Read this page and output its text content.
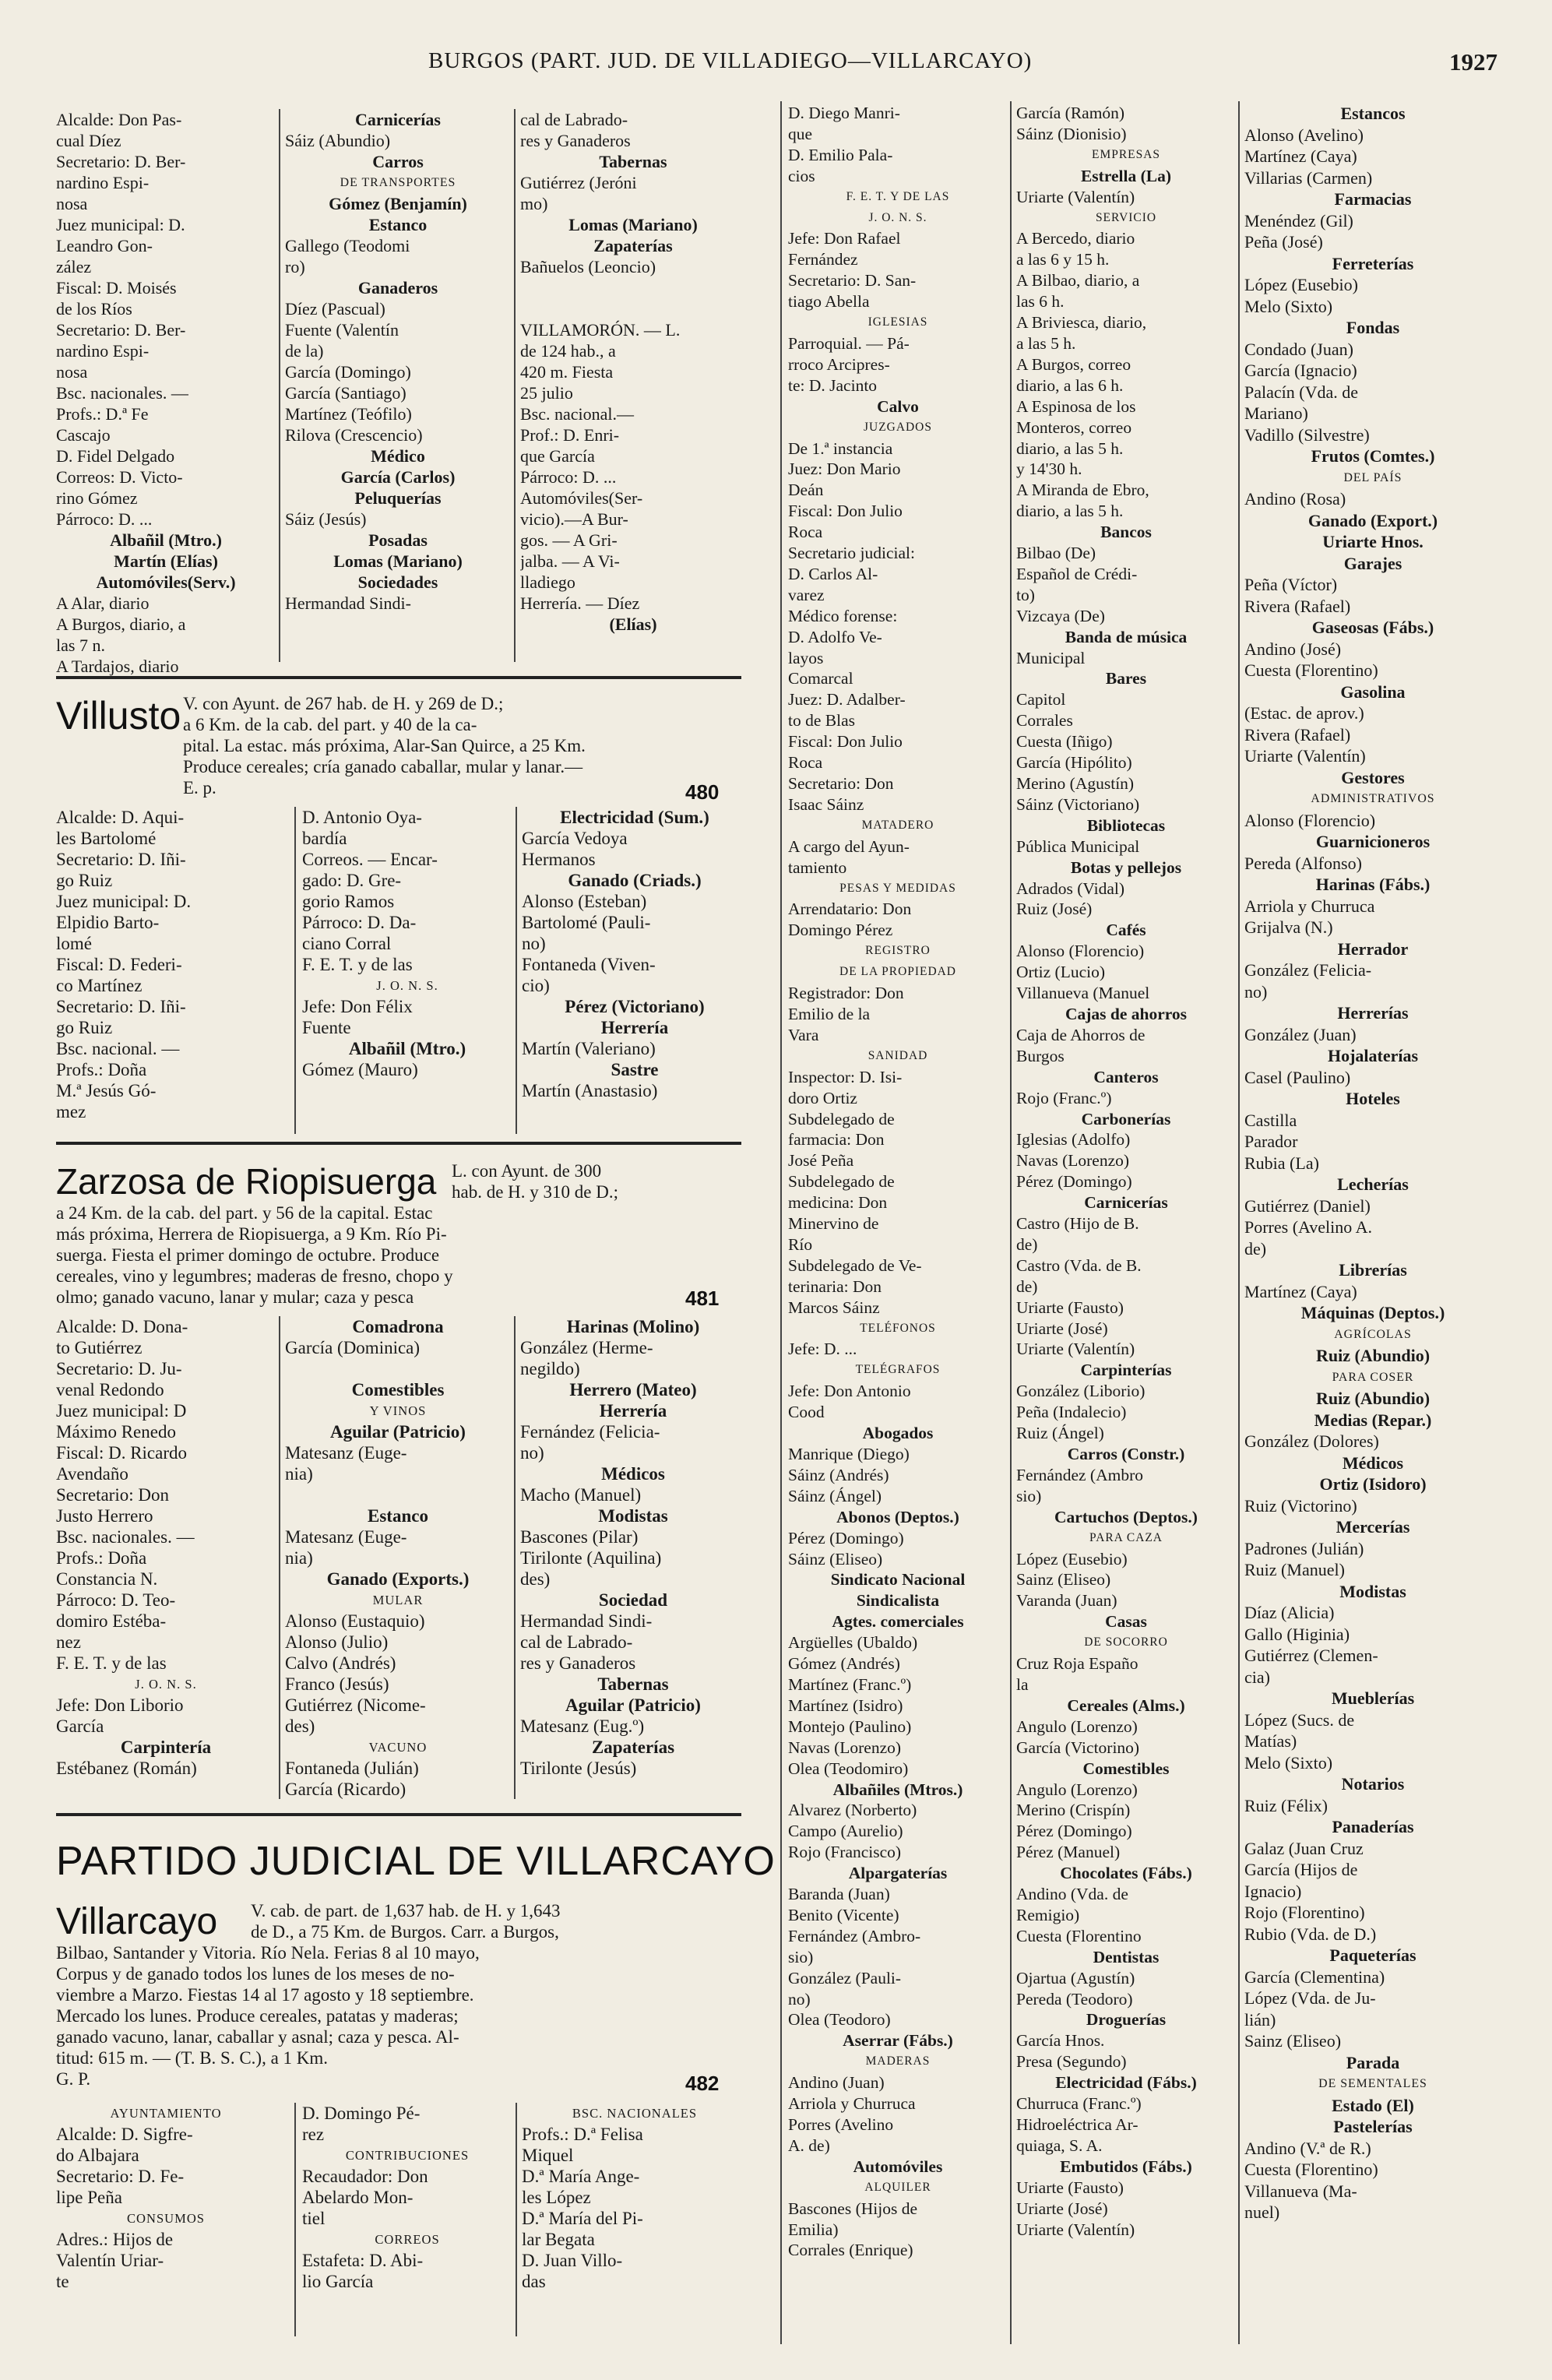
BURGOS (PART. JUD. DE VILLADIEGO—VILLARCAYO)	1927
Alcalde: Don Pas-
cual Díez
Secretario: D. Ber-
nardino Espi-
nosa
Juez municipal: D.
Leandro Gon-
zález
Fiscal: D. Moisés
de los Ríos
Secretario: D. Ber-
nardino Espi-
nosa
Bsc. nacionales. —
Profs.: D.ª Fe
Cascajo
D. Fidel Delgado
Correos: D. Victo-
rino Gómez
Párroco: D. ...
Albañil (Mtro.)
Martín (Elías)
Automóviles(Serv.)
A Alar, diario
A Burgos, diario, a
las 7 n.
A Tardajos, diario
Carnicerías
Sáiz (Abundio)
Carros
DE TRANSPORTES
Gómez (Benjamín)
Estanco
Gallego (Teodomi
ro)
Ganaderos
Díez (Pascual)
Fuente (Valentín
de la)
García (Domingo)
García (Santiago)
Martínez (Teófilo)
Rilova (Crescencio)
Médico
García (Carlos)
Peluquerías
Sáiz (Jesús)
Posadas
Lomas (Mariano)
Sociedades
Hermandad Sindi-
cal de Labrado-
res y Ganaderos
Tabernas
Gutiérrez (Jeróni
mo)
Lomas (Mariano)
Zapaterías
Bañuelos (Leoncio)

VILLAMORÓN. — L.
de 124 hab., a
420 m. Fiesta
25 julio
Bsc. nacional.—
Prof.: D. Enri-
que García
Párroco: D. ...
Automóviles(Ser-
vicio).—A Bur-
gos. — A Gri-
jalba. — A Vi-
lladiego
Herrería. — Díez
(Elías)
Villusto V. con Ayunt. de 267 hab. de H. y 269 de D.;
a 6 Km. de la cab. del part. y 40 de la ca-
pital. La estac. más próxima, Alar-San Quirce, a 25 Km.
Produce cereales; cría ganado caballar, mular y lanar.—
E. p.	480
Alcalde: D. Aqui-
les Bartolomé
Secretario: D. Iñi-
go Ruiz
Juez municipal: D.
Elpidio Barto-
lomé
Fiscal: D. Federi-
co Martínez
Secretario: D. Iñi-
go Ruiz
Bsc. nacional. —
Profs.: Doña
M.ª Jesús Gó-
mez
D. Antonio Oya-
bardía
Correos. — Encar-
gado: D. Gre-
gorio Ramos
Párroco: D. Da-
ciano Corral
F. E. T. y de las
J. O. N. S.
Jefe: Don Félix
Fuente
Albañil (Mtro.)
Gómez (Mauro)
Electricidad (Sum.)
García Vedoya
Hermanos
Ganado (Criads.)
Alonso (Esteban)
Bartolomé (Pauli-
no)
Fontaneda (Viven-
cio)
Pérez (Victoriano)
Herrería
Martín (Valeriano)
Sastre
Martín (Anastasio)
Zarzosa de Riopisuerga L. con Ayunt. de 300
hab. de H. y 310 de D.;
a 24 Km. de la cab. del part. y 56 de la capital. Estac
más próxima, Herrera de Riopisuerga, a 9 Km. Río Pi-
suerga. Fiesta el primer domingo de octubre. Produce
cereales, vino y legumbres; maderas de fresno, chopo y
olmo; ganado vacuno, lanar y mular; caza y pesca	481
Alcalde: D. Dona-
to Gutiérrez
Secretario: D. Ju-
venal Redondo
Juez municipal: D
Máximo Renedo
Fiscal: D. Ricardo
Avendaño
Secretario: Don
Justo Herrero
Bsc. nacionales. —
Profs.: Doña
Constancia N.
Párroco: D. Teo-
domiro Estéba-
nez
F. E. T. y de las
J. O. N. S.
Jefe: Don Liborio
García
Carpintería
Estébanez (Román)
Comadrona
García (Dominica)

Comestibles
Y VINOS
Aguilar (Patricio)
Matesanz (Euge-
nia)

Estanco
Matesanz (Euge-
nia)
Ganado (Exports.)
MULAR
Alonso (Eustaquio)
Alonso (Julio)
Calvo (Andrés)
Franco (Jesús)
Gutiérrez (Nicome-
des)
VACUNO
Fontaneda (Julián)
García (Ricardo)
Harinas (Molino)
González (Herme-
negildo)
Herrero (Mateo)
Herrería
Fernández (Felicia-
no)
Médicos
Macho (Manuel)
Modistas
Bascones (Pilar)
Tirilonte (Aquilina)
des)
Sociedad
Hermandad Sindi-
cal de Labrado-
res y Ganaderos
Tabernas
Aguilar (Patricio)
Matesanz (Eug.º)
Zapaterías
Tirilonte (Jesús)
PARTIDO JUDICIAL DE VILLARCAYO
Villarcayo	V. cab. de part. de 1,637 hab. de H. y 1,643
de D., a 75 Km. de Burgos. Carr. a Burgos,
Bilbao, Santander y Vitoria. Río Nela. Ferias 8 al 10 mayo,
Corpus y de ganado todos los lunes de los meses de no-
viembre a Marzo. Fiestas 14 al 17 agosto y 18 septiembre.
Mercado los lunes. Produce cereales, patatas y maderas;
ganado vacuno, lanar, caballar y asnal; caza y pesca. Al-
titud: 615 m. — (T. B. S. C.), a 1 Km.
G. P.	482
AYUNTAMIENTO
Alcalde: D. Sigfre-
do Albajara
Secretario: D. Fe-
lipe Peña
CONSUMOS
Adres.: Hijos de
Valentín Uriar-
te
D. Domingo Pé-
rez
CONTRIBUCIONES
Recaudador: Don
Abelardo Mon-
tiel
CORREOS
Estafeta: D. Abi-
lio García
BSC. NACIONALES
Profs.: D.ª Felisa
Miquel
D.ª María Ange-
les López
D.ª María del Pi-
lar Begata
D. Juan Villo-
das
D. Diego Manri-
que
D. Emilio Pala-
cios
F. E. T. Y DE LAS
J. O. N. S.
Jefe: Don Rafael
Fernández
Secretario: D. San-
tiago Abella
IGLESIAS
Parroquial. — Pá-
rroco Arcipres-
te: D. Jacinto
Calvo
JUZGADOS
De 1.ª instancia
Juez: Don Mario
Deán
Fiscal: Don Julio
Roca
Secretario judicial:
D. Carlos Al-
varez
Médico forense:
D. Adolfo Ve-
layos
Comarcal
Juez: D. Adalber-
to de Blas
Fiscal: Don Julio
Roca
Secretario: Don
Isaac Sáinz
MATADERO
A cargo del Ayun-
tamiento
PESAS Y MEDIDAS
Arrendatario: Don
Domingo Pérez
REGISTRO
DE LA PROPIEDAD
Registrador: Don
Emilio de la
Vara
SANIDAD
Inspector: D. Isi-
doro Ortiz
Subdelegado de
farmacia: Don
José Peña
Subdelegado de
medicina: Don
Minervino de
Río
Subdelegado de Ve-
terinaria: Don
Marcos Sáinz
TELÉFONOS
Jefe: D. ...
TELÉGRAFOS
Jefe: Don Antonio
Cood
Abogados
Manrique (Diego)
Sáinz (Andrés)
Sáinz (Ángel)
Abonos (Deptos.)
Pérez (Domingo)
Sáinz (Eliseo)
Sindicato Nacional
Sindicalista
Agtes. comerciales
Argüelles (Ubaldo)
Gómez (Andrés)
Martínez (Franc.º)
Martínez (Isidro)
Montejo (Paulino)
Navas (Lorenzo)
Olea (Teodomiro)
Albañiles (Mtros.)
Alvarez (Norberto)
Campo (Aurelio)
Rojo (Francisco)
Alpargaterías
Baranda (Juan)
Benito (Vicente)
Fernández (Ambro-
sio)
González (Pauli-
no)
Olea (Teodoro)
Aserrar (Fábs.)
MADERAS
Andino (Juan)
Arriola y Churruca
Porres (Avelino
A. de)
Automóviles
ALQUILER
Bascones (Hijos de
Emilia)
Corrales (Enrique)
García (Ramón)
Sáinz (Dionisio)
EMPRESAS
Estrella (La)
Uriarte (Valentín)
SERVICIO
A Bercedo, diario
a las 6 y 15 h.
A Bilbao, diario, a
las 6 h.
A Briviesca, diario,
a las 5 h.
A Burgos, correo
diario, a las 6 h.
A Espinosa de los
Monteros, correo
diario, a las 5 h.
y 14'30 h.
A Miranda de Ebro,
diario, a las 5 h.
Bancos
Bilbao (De)
Español de Crédi-
to)
Vizcaya (De)
Banda de música
Municipal
Bares
Capitol
Corrales
Cuesta (Iñigo)
García (Hipólito)
Merino (Agustín)
Sáinz (Victoriano)
Bibliotecas
Pública Municipal
Botas y pellejos
Adrados (Vidal)
Ruiz (José)
Cafés
Alonso (Florencio)
Ortiz (Lucio)
Villanueva (Manuel
Cajas de ahorros
Caja de Ahorros de
Burgos
Canteros
Rojo (Franc.º)
Carbonerías
Iglesias (Adolfo)
Navas (Lorenzo)
Pérez (Domingo)
Carnicerías
Castro (Hijo de B.
de)
Castro (Vda. de B.
de)
Uriarte (Fausto)
Uriarte (José)
Uriarte (Valentín)
Carpinterías
González (Liborio)
Peña (Indalecio)
Ruiz (Ángel)
Carros (Constr.)
Fernández (Ambro
sio)
Cartuchos (Deptos.)
PARA CAZA
López (Eusebio)
Sainz (Eliseo)
Varanda (Juan)
Casas
DE SOCORRO
Cruz Roja Españo
la
Cereales (Alms.)
Angulo (Lorenzo)
García (Victorino)
Comestibles
Angulo (Lorenzo)
Merino (Crispín)
Pérez (Domingo)
Pérez (Manuel)
Chocolates (Fábs.)
Andino (Vda. de
Remigio)
Cuesta (Florentino
Dentistas
Ojartua (Agustín)
Pereda (Teodoro)
Droguerías
García Hnos.
Presa (Segundo)
Electricidad (Fábs.)
Churruca (Franc.º)
Hidroeléctrica Ar-
quiaga, S. A.
Embutidos (Fábs.)
Uriarte (Fausto)
Uriarte (José)
Uriarte (Valentín)
Estancos
Alonso (Avelino)
Martínez (Caya)
Villarias (Carmen)
Farmacias
Menéndez (Gil)
Peña (José)
Ferreterías
López (Eusebio)
Melo (Sixto)
Fondas
Condado (Juan)
García (Ignacio)
Palacín (Vda. de
Mariano)
Vadillo (Silvestre)
Frutos (Comtes.)
DEL PAÍS
Andino (Rosa)
Ganado (Export.)
Uriarte Hnos.
Garajes
Peña (Víctor)
Rivera (Rafael)
Gaseosas (Fábs.)
Andino (José)
Cuesta (Florentino)
Gasolina
(Estac. de aprov.)
Rivera (Rafael)
Uriarte (Valentín)
Gestores
ADMINISTRATIVOS
Alonso (Florencio)
Guarnicioneros
Pereda (Alfonso)
Harinas (Fábs.)
Arriola y Churruca
Grijalva (N.)
Herrador
González (Felicia-
no)
Herrerías
González (Juan)
Hojalaterías
Casel (Paulino)
Hoteles
Castilla
Parador
Rubia (La)
Lecherías
Gutiérrez (Daniel)
Porres (Avelino A.
de)
Librerías
Martínez (Caya)
Máquinas (Deptos.)
AGRÍCOLAS
Ruiz (Abundio)
PARA COSER
Ruiz (Abundio)
Medias (Repar.)
González (Dolores)
Médicos
Ortiz (Isidoro)
Ruiz (Victorino)
Mercerías
Padrones (Julián)
Ruiz (Manuel)
Modistas
Díaz (Alicia)
Gallo (Higinia)
Gutiérrez (Clemen-
cia)
Mueblerías
López (Sucs. de
Matías)
Melo (Sixto)
Notarios
Ruiz (Félix)
Panaderías
Galaz (Juan Cruz
García (Hijos de
Ignacio)
Rojo (Florentino)
Rubio (Vda. de D.)
Paqueterías
García (Clementina)
López (Vda. de Ju-
lián)
Sainz (Eliseo)
Parada
DE SEMENTALES
Estado (El)
Pastelerías
Andino (V.ª de R.)
Cuesta (Florentino)
Villanueva (Ma-
nuel)
